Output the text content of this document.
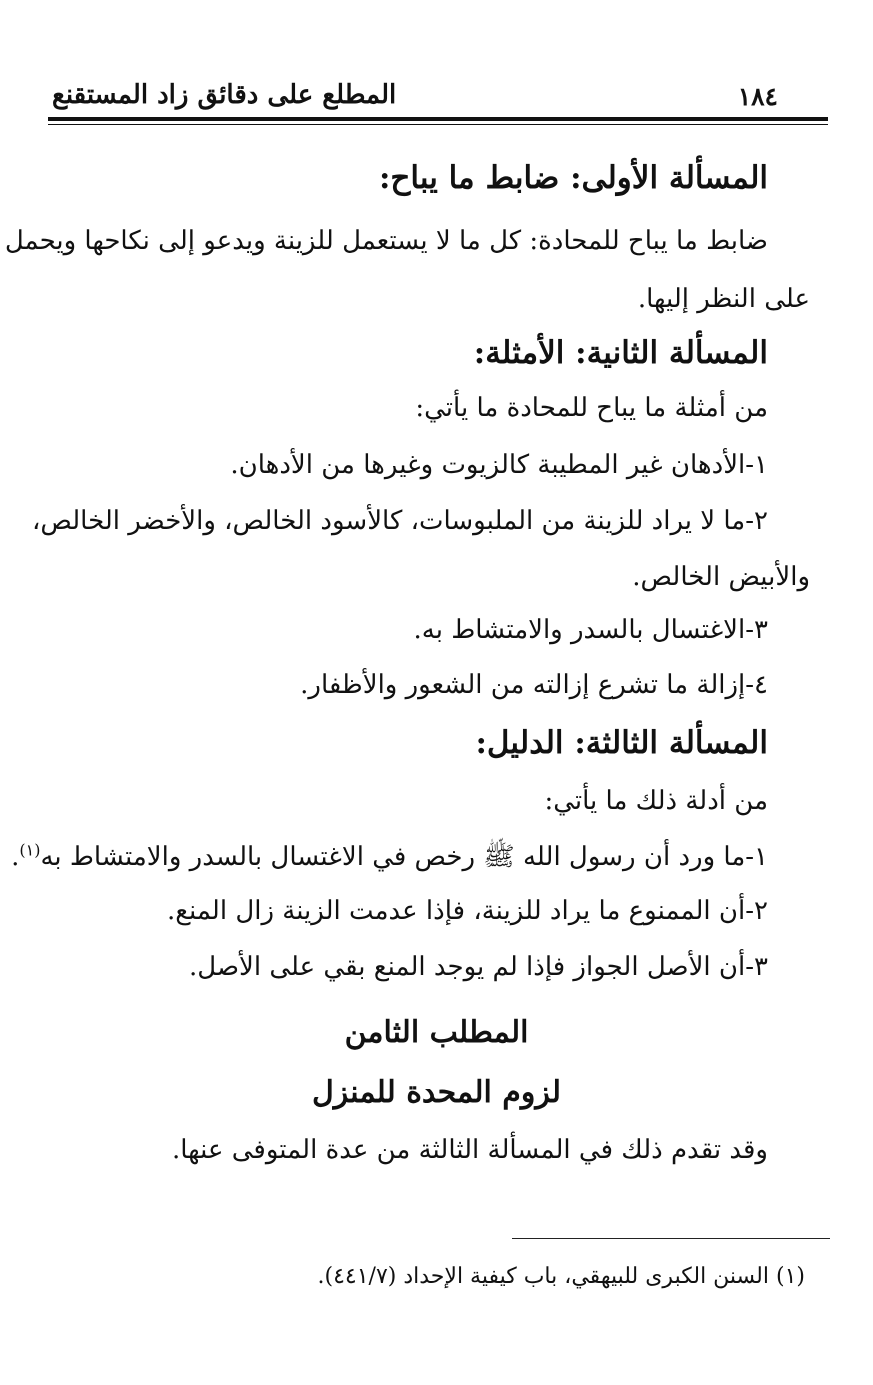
١٨٤
المطلع على دقائق زاد المستقنع
المسألة الأولى: ضابط ما يباح:
ضابط ما يباح للمحادة: كل ما لا يستعمل للزينة ويدعو إلى نكاحها ويحمل
على النظر إليها.
المسألة الثانية: الأمثلة:
من أمثلة ما يباح للمحادة ما يأتي:
١-الأدهان غير المطيبة كالزيوت وغيرها من الأدهان.
٢-ما لا يراد للزينة من الملبوسات، كالأسود الخالص، والأخضر الخالص،
والأبيض الخالص.
٣-الاغتسال بالسدر والامتشاط به.
٤-إزالة ما تشرع إزالته من الشعور والأظفار.
المسألة الثالثة: الدليل:
من أدلة ذلك ما يأتي:
١-ما ورد أن رسول الله ﷺ رخص في الاغتسال بالسدر والامتشاط به$^{(١)}$.
٢-أن الممنوع ما يراد للزينة، فإذا عدمت الزينة زال المنع.
٣-أن الأصل الجواز فإذا لم يوجد المنع بقي على الأصل.
المطلب الثامن
لزوم المحدة للمنزل
وقد تقدم ذلك في المسألة الثالثة من عدة المتوفى عنها.
(١) السنن الكبرى للبيهقي، باب كيفية الإحداد (٤٤١/٧).
